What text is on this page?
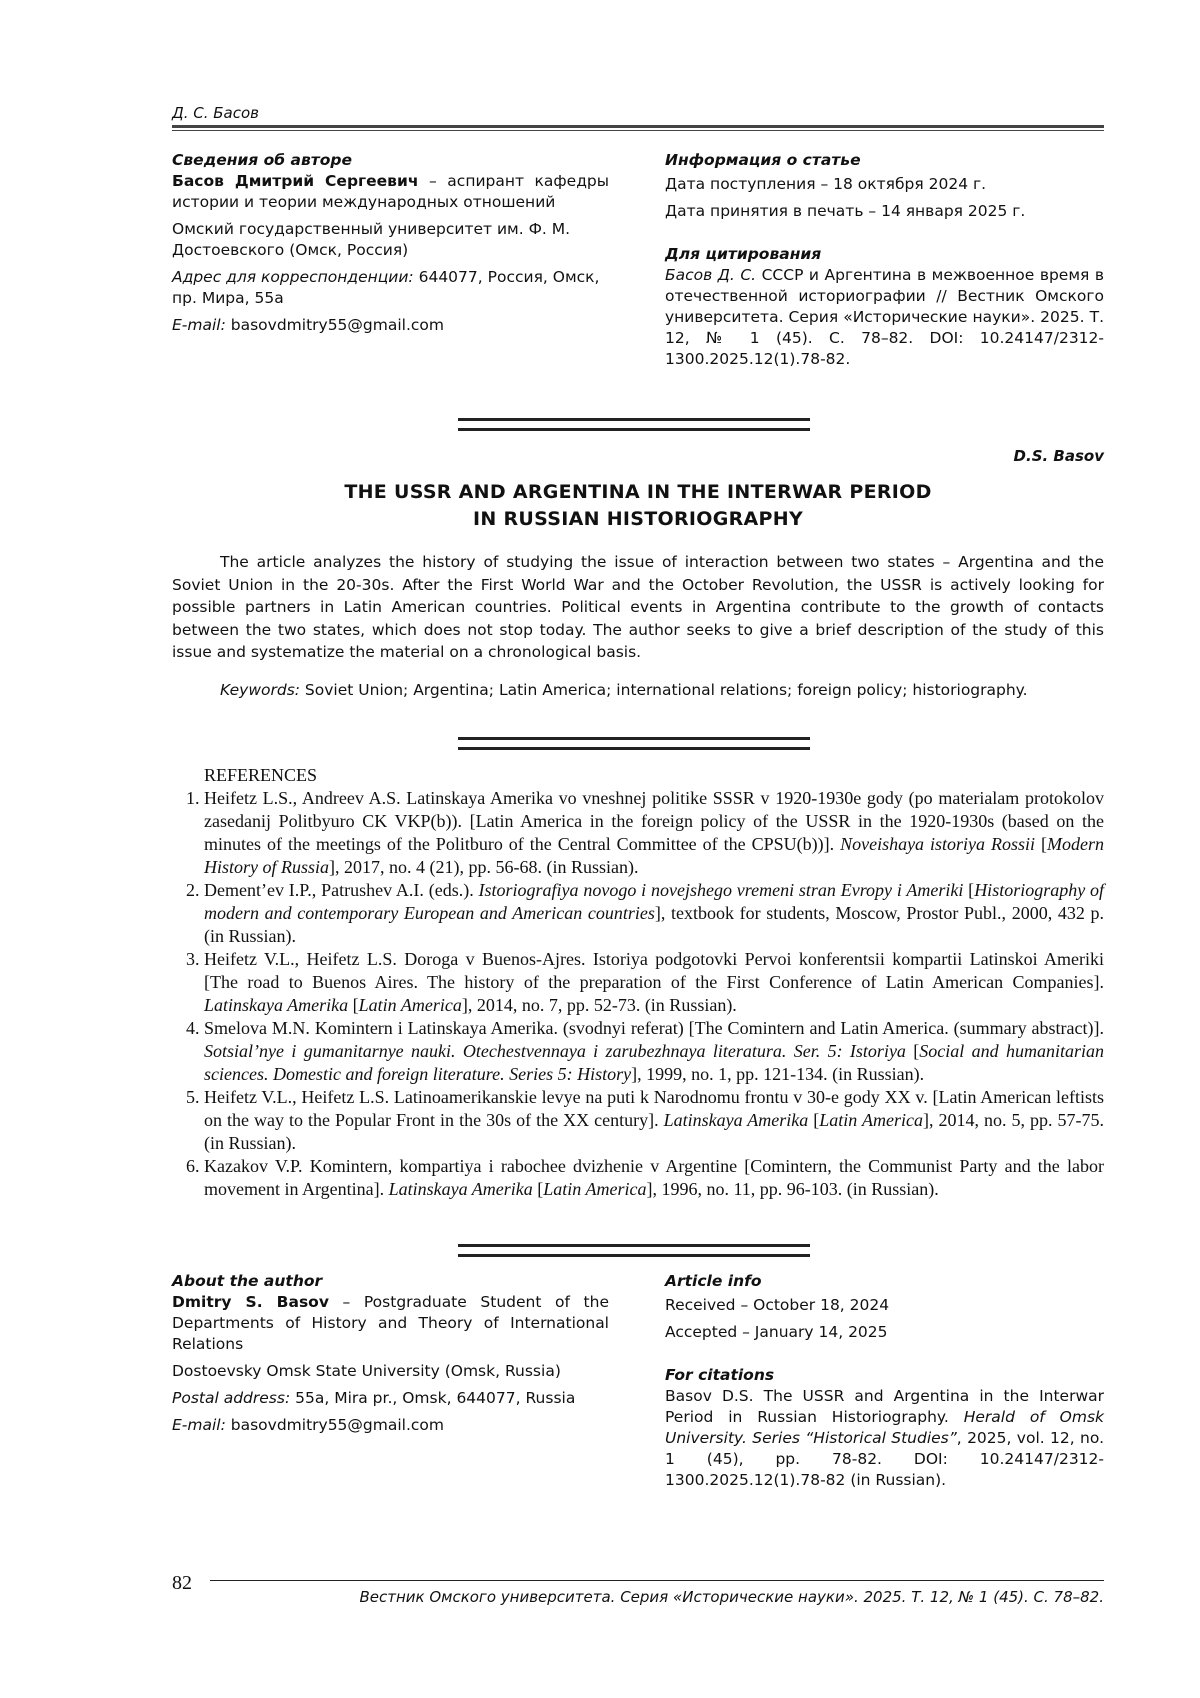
Д. С. Басов

Сведения об авторе

Басов Дмитрий Сергеевич – аспирант кафедры истории и теории международных отношений

Омский государственный университет им. Ф. М. Достоевского (Омск, Россия)

Адрес для корреспонденции: 644077, Россия, Омск, пр. Мира, 55а

E-mail: basovdmitry55@gmail.com

Информация о статье

Дата поступления – 18 октября 2024 г.

Дата принятия в печать – 14 января 2025 г.

Для цитирования

Басов Д. С. СССР и Аргентина в межвоенное время в отечественной историографии // Вестник Омского университета. Серия «Исторические науки». 2025. Т. 12, № 1 (45). С. 78–82. DOI: 10.24147/2312-1300.2025.12(1).78-82.

D.S. Basov
THE USSR AND ARGENTINA IN THE INTERWAR PERIOD
IN RUSSIAN HISTORIOGRAPHY

The article analyzes the history of studying the issue of interaction between two states – Argentina and the Soviet Union in the 20-30s. After the First World War and the October Revolution, the USSR is actively looking for possible partners in Latin American countries. Political events in Argentina contribute to the growth of contacts between the two states, which does not stop today. The author seeks to give a brief description of the study of this issue and systematize the material on a chronological basis.

Keywords: Soviet Union; Argentina; Latin America; international relations; foreign policy; historiography.

REFERENCES

1. Heifetz L.S., Andreev A.S. Latinskaya Amerika vo vneshnej politike SSSR v 1920-1930e gody (po materialam protokolov zasedanij Politbyuro CK VKP(b)). [Latin America in the foreign policy of the USSR in the 1920-1930s (based on the minutes of the meetings of the Politburo of the Central Committee of the CPSU(b))]. Noveishaya istoriya Rossii [Modern History of Russia], 2017, no. 4 (21), pp. 56-68. (in Russian).
2. Dement’ev I.P., Patrushev A.I. (eds.). Istoriografiya novogo i novejshego vremeni stran Evropy i Ameriki [Historiography of modern and contemporary European and American countries], textbook for students, Moscow, Prostor Publ., 2000, 432 p. (in Russian).
3. Heifetz V.L., Heifetz L.S. Doroga v Buenos-Ajres. Istoriya podgotovki Pervoi konferentsii kompartii Latinskoi Ameriki [The road to Buenos Aires. The history of the preparation of the First Conference of Latin American Companies]. Latinskaya Amerika [Latin America], 2014, no. 7, pp. 52-73. (in Russian).
4. Smelova M.N. Komintern i Latinskaya Amerika. (svodnyi referat) [The Comintern and Latin America. (summary abstract)]. Sotsial’nye i gumanitarnye nauki. Otechestvennaya i zarubezhnaya literatura. Ser. 5: Istoriya [Social and humanitarian sciences. Domestic and foreign literature. Series 5: History], 1999, no. 1, pp. 121-134. (in Russian).
5. Heifetz V.L., Heifetz L.S. Latinoamerikanskie levye na puti k Narodnomu frontu v 30-e gody XX v. [Latin American leftists on the way to the Popular Front in the 30s of the XX century]. Latinskaya Amerika [Latin America], 2014, no. 5, pp. 57-75. (in Russian).
6. Kazakov V.P. Komintern, kompartiya i rabochee dvizhenie v Argentine [Comintern, the Communist Party and the labor movement in Argentina]. Latinskaya Amerika [Latin America], 1996, no. 11, pp. 96-103. (in Russian).

About the author

Dmitry S. Basov – Postgraduate Student of the Departments of History and Theory of International Relations

Dostoevsky Omsk State University (Omsk, Russia)

Postal address: 55a, Mira pr., Omsk, 644077, Russia

E-mail: basovdmitry55@gmail.com

Article info

Received – October 18, 2024

Accepted – January 14, 2025

For citations

Basov D.S. The USSR and Argentina in the Interwar Period in Russian Historiography. Herald of Omsk University. Series “Historical Studies”, 2025, vol. 12, no. 1 (45), pp. 78-82. DOI: 10.24147/2312-1300.2025.12(1).78-82 (in Russian).

82
Вестник Омского университета. Серия «Исторические науки». 2025. Т. 12, № 1 (45). С. 78–82.
